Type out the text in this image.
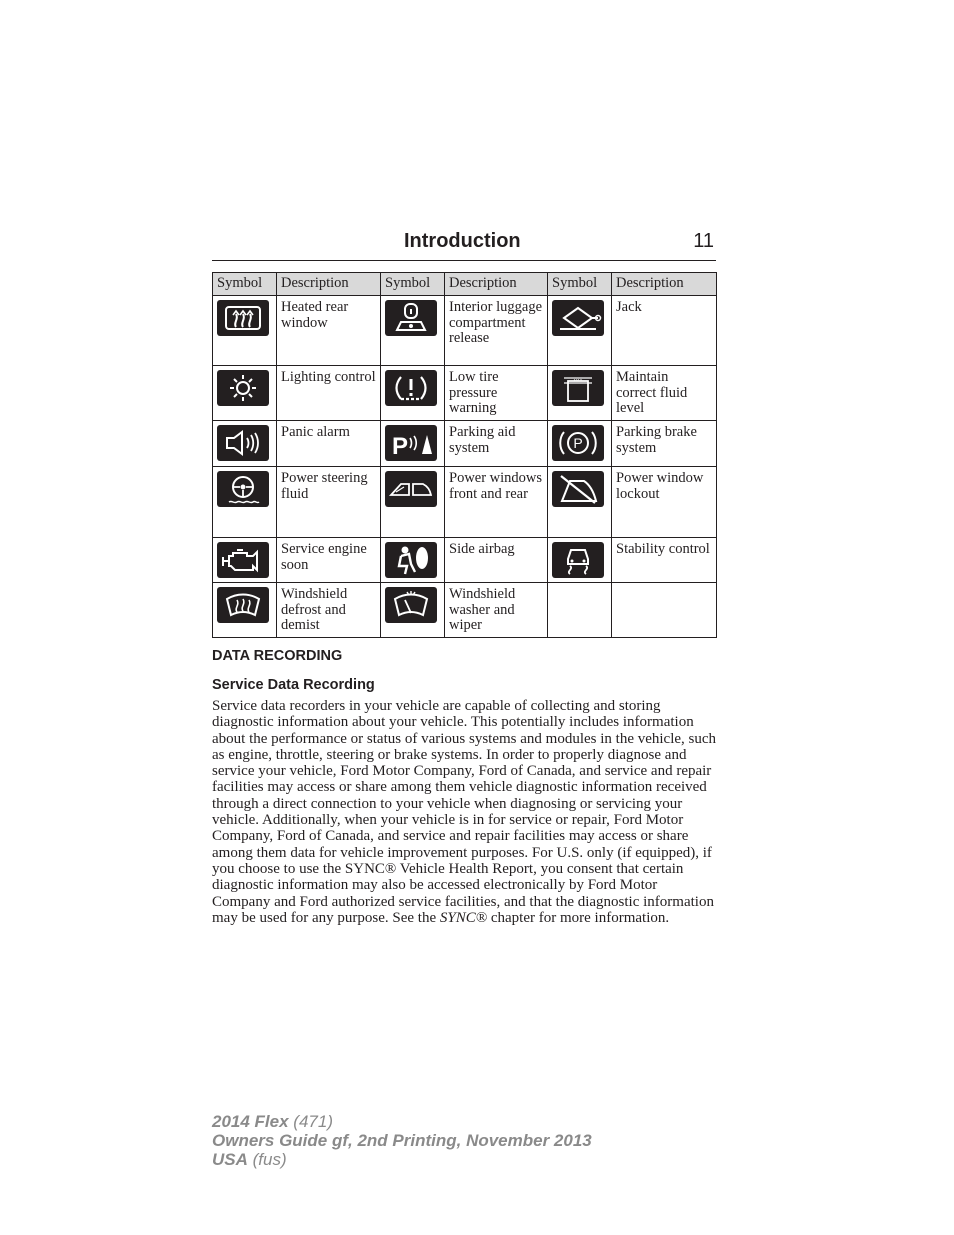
Introduction	11
Symbol	Description	Symbol	Description	Symbol	Description

	Heated rear window		Interior luggage compartment release		Jack

	Lighting control		Low tire pressure warning	MAX	Maintain correct fluid level

	Panic alarm	P	Parking aid system	P	Parking brake system

	Power steering fluid		Power windows front and rear		Power window lockout

	Service engine soon		Side airbag		Stability control

	Windshield defrost and demist		Windshield washer and wiper		
DATA RECORDING
Service Data Recording
Service data recorders in your vehicle are capable of collecting and storing diagnostic information about your vehicle. This potentially includes information about the performance or status of various systems and modules in the vehicle, such as engine, throttle, steering or brake systems. In order to properly diagnose and service your vehicle, Ford Motor Company, Ford of Canada, and service and repair facilities may access or share among them vehicle diagnostic information received through a direct connection to your vehicle when diagnosing or servicing your vehicle. Additionally, when your vehicle is in for service or repair, Ford Motor Company, Ford of Canada, and service and repair facilities may access or share among them data for vehicle improvement purposes. For U.S. only (if equipped), if you choose to use the SYNC® Vehicle Health Report, you consent that certain diagnostic information may also be accessed electronically by Ford Motor Company and Ford authorized service facilities, and that the diagnostic information may be used for any purpose. See the SYNC® chapter for more information.
2014 Flex (471)
Owners Guide gf, 2nd Printing, November 2013
USA (fus)
